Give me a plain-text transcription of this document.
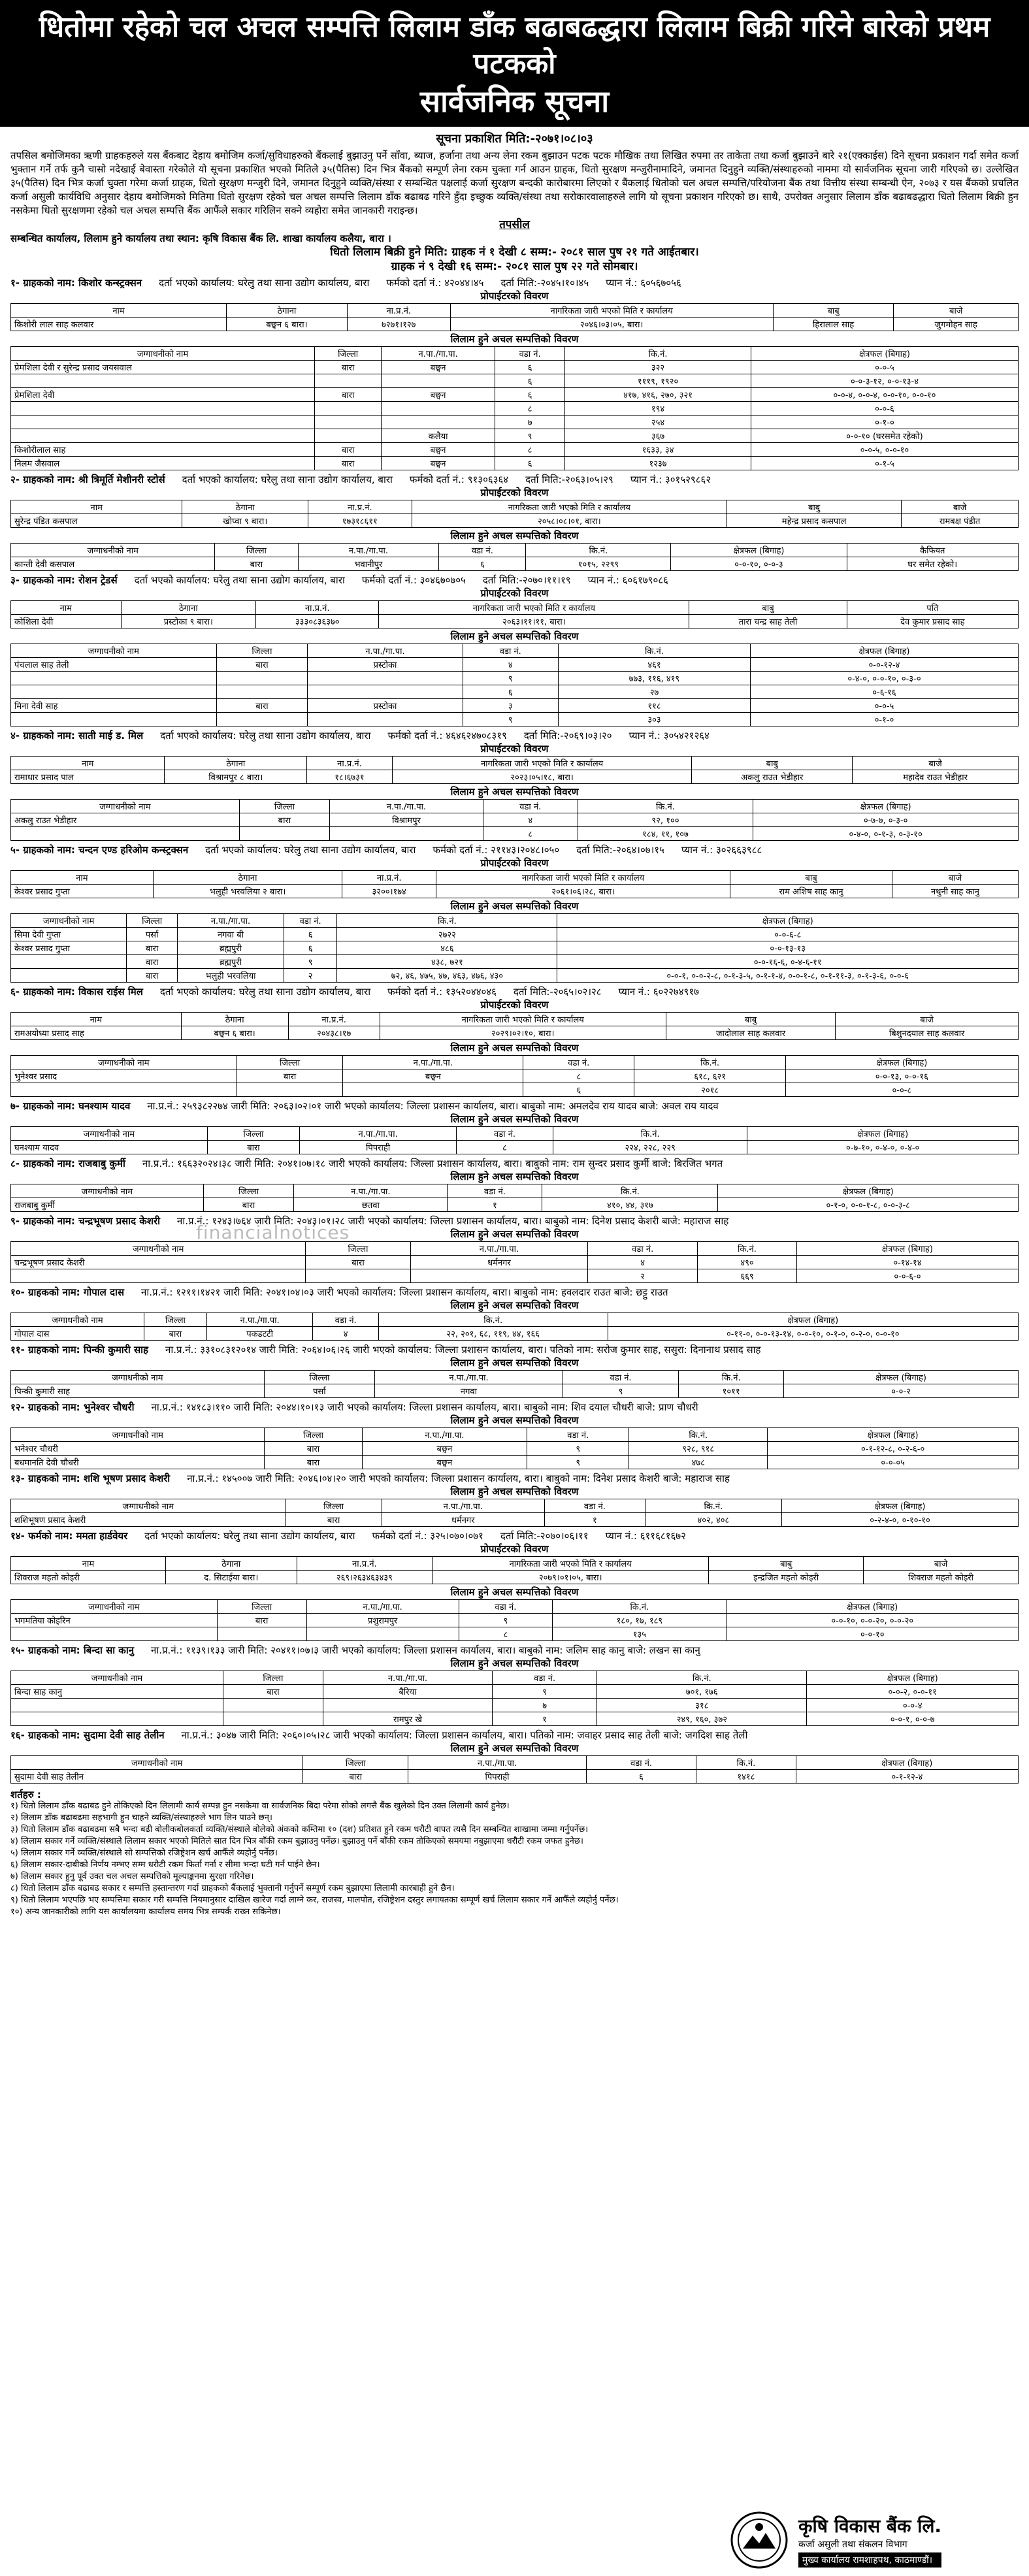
धितोमा रहेको चल अचल सम्पत्ति लिलाम डाँक बढाबढद्धारा लिलाम बिक्री गरिने बारेको प्रथम पटकको
सार्वजनिक सूचना
सूचना प्रकाशित मिति:-२०७१।०८।०३
तपसिल बमोजिमका ऋणी ग्राहकहरुले यस बैंकबाट देहाय बमोजिम कर्जा/सुविधाहरुको बैंकलाई बुझाउनु पर्ने साँवा, ब्याज, हर्जाना तथा अन्य लेना रकम बुझाउन पटक पटक मौखिक तथा लिखित रुपमा तर ताकेता तथा कर्जा बुझाउने बारे २१(एक्काईस) दिने सूचना प्रकाशन गर्दा समेत कर्जा भुक्तान गर्ने तर्फ कुनै चासो नदेखाई बेवास्ता गरेकोले यो सूचना प्रकाशित भएको मितिले ३५(पैतिस) दिन भित्र बैंकको सम्पूर्ण लेना रकम चुक्ता गर्न आउन ग्राहक, धितो सुरक्षण मन्जुरीनामादिने, जमानत दिनुहुने व्यक्ति/संस्थाहरुको नाममा यो सार्वजनिक सूचना जारी गरिएको छ। उल्लेखित ३५(पैतिस) दिन भित्र कर्जा चुक्ता गरेमा कर्जा ग्राहक, धितो सुरक्षण मन्जुरी दिने, जमानत दिनुहुने व्यक्ति/संस्था र सम्बन्धित पक्षलाई कर्जा सुरक्षण बन्दकी कारोबारमा लिएको र बैंकलाई धितोको चल अचल सम्पत्ति/परियोजना बैंक तथा वित्तीय संस्था सम्बन्धी ऐन, २०७३ र यस बैंकको प्रचलित कर्जा असुली कार्यविधि अनुसार देहाय बमोजिमको मितिमा धितो सुरक्षण रहेको चल अचल सम्पत्ति लिलाम डाँक बढाबढ गरिने हुँदा इच्छुक व्यक्ति/संस्था तथा सरोकारवालाहरुले लागि यो सूचना प्रकाशन गरिएको छ। साथै, उपरोक्त अनुसार लिलाम डाँक बढाबढद्धारा धितो लिलाम बिक्री हुन नसकेमा धितो सुरक्षणमा रहेको चल अचल सम्पत्ति बैंक आफैंले सकार गरिलिन सक्ने व्यहोरा समेत जानकारी गराइन्छ।
तपसील
सम्बन्धित कार्यालय, लिलाम हुने कार्यालय तथा स्थान: कृषि विकास बैंक लि. शाखा कार्यालय कलैया, बारा ।
धितो लिलाम बिक्री हुने मिति: ग्राहक नं १ देखी ८ सम्म:- २०८१ साल पुष २१ गते आईतबार।
ग्राहक नं ९ देखी १६ सम्म:- २०८१ साल पुष २२ गते सोमबार।
१- ग्राहकको नाम: किशोर कन्स्ट्रक्सन दर्ता भएको कार्यालय: घरेलु तथा साना उद्योग कार्यालय, बारा फर्मको दर्ता नं.: ४२०४४।४५ दर्ता मिति:-२०४५।१०।४५ प्यान नं.: ६०५६७०५६
प्रोपाईटरको विवरण
नाम	ठेगाना	ना.प्र.नं.	नागरिकता जारी भएको मिति र कार्यालय	बाबु	बाजे
किशोरी लाल साह कलवार	बछ्वन ६ बारा।	७२७१।१२७	२०४६।०३।०५, बारा।	हिरालाल साह	जुगमोहन साह
लिलाम हुने अचल सम्पत्तिको विवरण
जग्गाधनीको नाम	जिल्ला	न.पा./गा.पा.	वडा नं.	कि.नं.	क्षेत्रफल (बिगाह)
प्रेमशिला देवी र सुरेन्द्र प्रसाद जयसवाल	बारा	बछ्वन	६	३२२	०-०-५
			६	१११९, १९२०	०-०-३-१२, ०-०-१३-४
प्रेमशिला देवी	बारा	बछ्वन	६	४१७, ४१६, २७०, ३२१	०-०-४, ०-०-४, ०-०-१०, ०-०-१०
			८	१९४	०-०-६
			७	२५४	०-१-०
		कलैया	९	३६७	०-०-१० (घरसमेत रहेको)
किशोरीलाल साह	बारा	बछ्वन	८	१६३३, ३४	०-०-५, ०-०-१०
निलम जैसवाल	बारा	बछ्वन	६	१२३७	०-१-५
२- ग्राहकको नाम: श्री त्रिमूर्ति मेशीनरी स्टोर्स दर्ता भएको कार्यालय: घरेलु तथा साना उद्योग कार्यालय, बारा फर्मको दर्ता नं.: ९१३०६३६४ दर्ता मिति:-२०६३।०५।२९ प्यान नं.: ३०१५२९८६२
प्रोपाईटरको विवरण
नाम	ठेगाना	ना.प्र.नं.	नागरिकता जारी भएको मिति र कार्यालय	बाबु	बाजे
सुरेन्द्र पंडित कसपाल	खोप्वा ९ बारा।	१७३१८६११	२०५८।०८।०१, बारा।	महेन्द्र प्रसाद कसपाल	रामबक्ष पंडीत
लिलाम हुने अचल सम्पत्तिको विवरण
जग्गाधनीको नाम	जिल्ला	न.पा./गा.पा.	वडा नं.	कि.नं.	क्षेत्रफल (बिगाह)	कैफियत
कान्ती देवी कसपाल	बारा	भवानीपुर	६	१०१५, २२९९	०-०-१०, ०-०-३	घर समेत रहेको।
३- ग्राहकको नाम: रोशन ट्रेडर्स दर्ता भएको कार्यालय: घरेलु तथा साना उद्योग कार्यालय, बारा फर्मको दर्ता नं.: ३०४६७०७०५ दर्ता मिति:-२०७०।११।१९ प्यान नं.: ६०६१७९०८६
प्रोपाईटरको विवरण
नाम	ठेगाना	ना.प्र.नं.	नागरिकता जारी भएको मिति र कार्यालय	बाबु	पति
कोशिला देवी	प्रस्टोका ९ बारा।	३३३०८३६३७०	२०६३।११।११, बारा।	तारा चन्द्र साह तेली	देव कुमार प्रसाद साह
लिलाम हुने अचल सम्पत्तिको विवरण
जग्गाधनीको नाम	जिल्ला	न.पा./गा.पा.	वडा नं.	कि.नं.	क्षेत्रफल (बिगाह)
पंचलाल साह तेली	बारा	प्रस्टोका	४	४६१	०-०-१२-४
			९	७७३, ११६, ४१९	०-४-०, ०-०-१०, ०-३-०
			६	२७	०-६-१६
मिना देवी साह	बारा	प्रस्टोका	३	११८	०-०-५
			९	३०३	०-१-०
४- ग्राहकको नाम: साती माई ड. मिल दर्ता भएको कार्यालय: घरेलु तथा साना उद्योग कार्यालय, बारा फर्मको दर्ता नं.: ४६४६२४७०८३१९ दर्ता मिति:-२०६९।०३।२० प्यान नं.: ३०५४२१२६४
प्रोपाईटरको विवरण
नाम	ठेगाना	ना.प्र.नं.	नागरिकता जारी भएको मिति र कार्यालय	बाबु	बाजे
रामाधार प्रसाद पाल	विश्रामपुर ८ बारा।	१८।६७३१	२०२३।०५।१८, बारा।	अकलु राउत भेडीहार	महादेव राउत भेडीहार
लिलाम हुने अचल सम्पत्तिको विवरण
जग्गाधनीको नाम	जिल्ला	न.पा./गा.पा.	वडा नं.	कि.नं.	क्षेत्रफल (बिगाह)
अकलु राउत भेडीहार	बारा	विश्रामपुर	४	९२, १००	०-७-७, ०-३-०
			८	१८४, ११, १०७	०-४-०, ०-१-३, ०-३-१०
५- ग्राहकको नाम: चन्दन एण्ड हरिओम कन्स्ट्रक्सन दर्ता भएको कार्यालय: घरेलु तथा साना उद्योग कार्यालय, बारा फर्मको दर्ता नं.: २११४३।२०४८।०५० दर्ता मिति:-२०६४।०७।१५ प्यान नं.: ३०२६६३९८८
प्रोपाईटरको विवरण
नाम	ठेगाना	ना.प्र.नं.	नागरिकता जारी भएको मिति र कार्यालय	बाबु	बाजे
केश्वर प्रसाद गुप्ता	भलुही भरवलिया २ बारा।	३२००।१७४	२०६१।०६।२८, बारा।	राम अशिष साह कानु	नथुनी साह कानु
लिलाम हुने अचल सम्पत्तिको विवरण
जग्गाधनीको नाम	जिल्ला	न.पा./गा.पा.	वडा नं.	कि.नं.	क्षेत्रफल (बिगाह)
सिमा देवी गुप्ता	पर्सा	नगवा बी	६	२७२२	०-०-६-८
केश्वर प्रसाद गुप्ता	बारा	ब्रह्मपुरी	६	४८६	०-०-१३-१३
	बारा	ब्रह्मपुरी	९	४३८, ७२१	०-०-१६-६, ०-४-६-११
	बारा	भलुही भरवलिया	२	७२, ४६, ४७५, ४७, ४६३, ४७६, ४३०	०-०-१, ०-०-२-८, ०-१-३-५, ०-१-१-४, ०-०-१-८, ०-१-११-३, ०-१-३-६, ०-०-६
६- ग्राहकको नाम: विकास राईस मिल दर्ता भएको कार्यालय: घरेलु तथा साना उद्योग कार्यालय, बारा फर्मको दर्ता नं.: १३५२०४४०४६ दर्ता मिति:-२०६५।०२।२८ प्यान नं.: ६०२२७४९१७
प्रोपाईटरको विवरण
नाम	ठेगाना	ना.प्र.नं.	नागरिकता जारी भएको मिति र कार्यालय	बाबु	बाजे
रामअयोध्या प्रसाद साह	बछ्वन ६ बारा।	२०४३८।१७	२०२९।०२।१०, बारा।	जादोलाल साह कलवार	बिशुनदयाल साह कलवार
लिलाम हुने अचल सम्पत्तिको विवरण
जग्गाधनीको नाम	जिल्ला	न.पा./गा.पा.	वडा नं.	कि.नं.	क्षेत्रफल (बिगाह)
भुनेश्वर प्रसाद	बारा	बछ्वन	८	६१८, ६२१	०-०-१३, ०-०-१६
			६	२०१८	०-०-८
७- ग्राहकको नाम: घनश्याम यादव ना.प्र.नं.: २५९३८२२७४ जारी मिति: २०६३।०२।०१ जारी भएको कार्यालय: जिल्ला प्रशासन कार्यालय, बारा। बाबुको नाम: अमलदेव राय यादव बाजे: अवल राय यादव
लिलाम हुने अचल सम्पत्तिको विवरण
जग्गाधनीको नाम	जिल्ला	न.पा./गा.पा.	वडा नं.	कि.नं.	क्षेत्रफल (बिगाह)
घनश्याम यादव	बारा	पिपराही	८	२२४, २२८, २२९	०-७-१०, ०-४-०, ०-४-०
८- ग्राहकको नाम: राजबाबु कुर्मी ना.प्र.नं.: १६६३२०२४।३८ जारी मिति: २०४१।०७।१८ जारी भएको कार्यालय: जिल्ला प्रशासन कार्यालय, बारा। बाबुको नाम: राम सुन्दर प्रसाद कुर्मी बाजे: बिरजित भगत
लिलाम हुने अचल सम्पत्तिको विवरण
जग्गाधनीको नाम	जिल्ला	न.पा./गा.पा.	वडा नं.	कि.नं.	क्षेत्रफल (बिगाह)
राजबाबु कुर्मी	बारा	छतवा	१	४१०, ४४, ३१७	०-१-०, ०-०-१-८, ०-०-३-८
९- ग्राहकको नाम: चन्द्रभूषण प्रसाद केशरी ना.प्र.नं.: १२४३।७६४ जारी मिति: २०४३।०१।२८ जारी भएको कार्यालय: जिल्ला प्रशासन कार्यालय, बारा। बाबुको नाम: दिनेश प्रसाद केशरी बाजे: महाराज साह
लिलाम हुने अचल सम्पत्तिको विवरण
जग्गाधनीको नाम	जिल्ला	न.पा./गा.पा.	वडा नं.	कि.नं.	क्षेत्रफल (बिगाह)
चन्द्रभूषण प्रसाद केशरी	बारा	धर्मनगर	४	४९०	०-१४-१४
			२	६६९	०-०-६-०
१०- ग्राहकको नाम: गोपाल दास ना.प्र.नं.: १२११।१४२१ जारी मिति: २०४१।०४।०३ जारी भएको कार्यालय: जिल्ला प्रशासन कार्यालय, बारा। बाबुको नाम: हवलदार राउत बाजे: छट्टु राउत
लिलाम हुने अचल सम्पत्तिको विवरण
जग्गाधनीको नाम	जिल्ला	न.पा./गा.पा.	वडा नं.	कि.नं.	क्षेत्रफल (बिगाह)
गोपाल दास	बारा	पकडटटी	४	२२, २०१, ६८, ११९, ४४, १६६	०-११-०, ०-०-१३-१४, ०-०-१०, ०-१-०, ०-२-०, ०-०-१०
११- ग्राहकको नाम: पिन्की कुमारी साह ना.प्र.नं.: ३३१०८३१२०१४ जारी मिति: २०६४।०६।२६ जारी भएको कार्यालय: जिल्ला प्रशासन कार्यालय, बारा। पतिको नाम: सरोज कुमार साह, ससुरा: दिनानाथ प्रसाद साह
लिलाम हुने अचल सम्पत्तिको विवरण
जग्गाधनीको नाम	जिल्ला	न.पा./गा.पा.	वडा नं.	कि.नं.	क्षेत्रफल (बिगाह)
पिन्की कुमारी साह	पर्सा	नगवा	९	१०११	०-०-२
१२- ग्राहकको नाम: भुनेश्वर चौधरी ना.प्र.नं.: १४१८३।११० जारी मिति: २०४४।१०।१३ जारी भएको कार्यालय: जिल्ला प्रशासन कार्यालय, बारा। बाबुको नाम: शिव दयाल चौधरी बाजे: प्राण चौधरी
लिलाम हुने अचल सम्पत्तिको विवरण
जग्गाधनीको नाम	जिल्ला	न.पा./गा.पा.	वडा नं.	कि.नं.	क्षेत्रफल (बिगाह)
भनेश्वर चौधरी	बारा	बछ्वन	९	९२८, ९१८	०-१-१२-८, ०-२-६-०
बधमानति देवी चौधरी	बारा	बछ्वन	९	४७८	०-०-०५
१३- ग्राहकको नाम: शशि भूषण प्रसाद केशरी ना.प्र.नं.: १४५००७ जारी मिति: २०४६।०४।२० जारी भएको कार्यालय: जिल्ला प्रशासन कार्यालय, बारा। बाबुको नाम: दिनेश प्रसाद केशरी बाजे: महाराज साह
लिलाम हुने अचल सम्पत्तिको विवरण
जग्गाधनीको नाम	जिल्ला	न.पा./गा.पा.	वडा नं.	कि.नं.	क्षेत्रफल (बिगाह)
शशिभूषण प्रसाद केशरी	बारा	धर्मनगर	१	४०२, ४०८	०-२-४-०, ०-१०-१०
१४- फर्मको नाम: ममता हार्डवेयर दर्ता भएको कार्यालय: घरेलु तथा साना उद्योग कार्यालय, बारा फर्मको दर्ता नं.: ३२५।०७०।०७१ दर्ता मिति:-२०७०।०६।११ प्यान नं.: ६११६८१६७२
प्रोपाईटरको विवरण
नाम	ठेगाना	ना.प्र.नं.	नागरिकता जारी भएको मिति र कार्यालय	बाबु	बाजे
शिवराज महतो कोइरी	द. सिटाईया बारा।	२६९।२६३४६३४३९	२०७९।०१।०५, बारा।	इन्द्रजित महतो कोइरी	शिवराज महतो कोइरी
लिलाम हुने अचल सम्पत्तिको विवरण
जग्गाधनीको नाम	जिल्ला	न.पा./गा.पा.	वडा नं.	कि.नं.	क्षेत्रफल (बिगाह)
भगमतिया कोइरिन	बारा	प्रशुरामपुर	९	१८०, १७, १८९	०-०-१०, ०-०-२०, ०-०-२०
			८	१३५	०-०-१०
१५- ग्राहकको नाम: बिन्दा सा कानु ना.प्र.नं.: ११३९।१३३ जारी मिति: २०४११।०७।३ जारी भएको कार्यालय: जिल्ला प्रशासन कार्यालय, बारा। बाबुको नाम: जलिम साह कानु बाजे: लखन सा कानु
लिलाम हुने अचल सम्पत्तिको विवरण
जग्गाधनीको नाम	जिल्ला	न.पा./गा.पा.	वडा नं.	कि.नं.	क्षेत्रफल (बिगाह)
बिन्दा साह कानु	बारा	बैरिया	९	७०१, १७६	०-०-२, ०-०-११
			७	३१८	०-०-४
		रामपुर खे	१	२४९, १६०, ३७२	०-०-१, ०-०-७
१६- ग्राहकको नाम: सुदामा देवी साह तेलीन ना.प्र.नं.: ३०४७ जारी मिति: २०६०।०५।२८ जारी भएको कार्यालय: जिल्ला प्रशासन कार्यालय, बारा। पतिको नाम: जवाहर प्रसाद साह तेली बाजे: जगदिश साह तेली
लिलाम हुने अचल सम्पत्तिको विवरण
जग्गाधनीको नाम	जिल्ला	न.पा./गा.पा.	वडा नं.	कि.नं.	क्षेत्रफल (बिगाह)
सुदामा देवी साह तेलीन	बारा	पिपराही	६	१४१८	०-१-१२-४
शर्तहरु :
१) धितो लिलाम डाँक बढाबढ हुने तोकिएको दिन लिलामी कार्य सम्पन्न हुन नसकेमा वा सार्वजनिक बिदा परेमा सोको लगत्तै बैंक खुलेको दिन उक्त लिलामी कार्य हुनेछ।
२) लिलाम डाँक बढाबढमा सहभागी हुन चाहने व्यक्ति/संस्थाहरुले भाग लिन पाउने छन्।
३) धितो लिलाम डाँक बढाबढमा सबै भन्दा बढी बोलीकबोलकर्ता व्यक्ति/संस्थाले बोलेको अंकको कम्तिमा १० (दश) प्रतिशत हुने रकम धरौटी बापत त्यसै दिन सम्बन्धित शाखामा जम्मा गर्नुपर्नेछ।
४) लिलाम सकार गर्ने व्यक्ति/संस्थाले लिलाम सकार भएको मितिले सात दिन भित्र बाँकी रकम बुझाउनु पर्नेछ। बुझाउनु पर्ने बाँकी रकम तोकिएको समयमा नबुझाएमा धरौटी रकम जफत हुनेछ।
५) लिलाम सकार गर्ने व्यक्ति/संस्थाले सो सम्पत्तिको रजिष्ट्रेशन खर्च आफैँले व्यहोर्नु पर्नेछ।
६) लिलाम सकार-दाबीको निर्णय नम्भए सम्म धरौटी रकम फिर्ता गर्ना र सीमा भन्दा घटी गर्न पाईने छैन।
७) लिलाम सकार हुनु पूर्व उक्त चल अचल सम्पत्तिको मूल्याङ्कनमा सुरक्षा गरिनेछ।
८) धितो लिलाम डाँक बढाबढ सकार र सम्पत्ति हस्तान्तरण गर्दा ग्राहकको बैंकलाई भुक्तानी गर्नुपर्ने सम्पूर्ण रकम बुझाएमा लिलामी कारबाही हुने छैन।
९) धितो लिलाम भएपछि भए सम्पत्तिमा सकार गरी सम्पत्ति नियमानुसार दाखिल खारेज गर्दा लाग्ने कर, राजस्व, मालपोत, रजिष्ट्रेशन दस्तुर लगायतका सम्पूर्ण खर्च लिलाम सकार गर्ने आफैँले व्यहोर्नु पर्नेछ।
१०) अन्य जानकारीको लागि यस कार्यालयमा कार्यालय समय भित्र सम्पर्क राख्न सकिनेछ।
financialnotices

कृषि विकास बैंक लि.
कर्जा असुली तथा संकलन विभाग
मुख्य कार्यालय रामशाहपथ, काठमाण्डौं।
